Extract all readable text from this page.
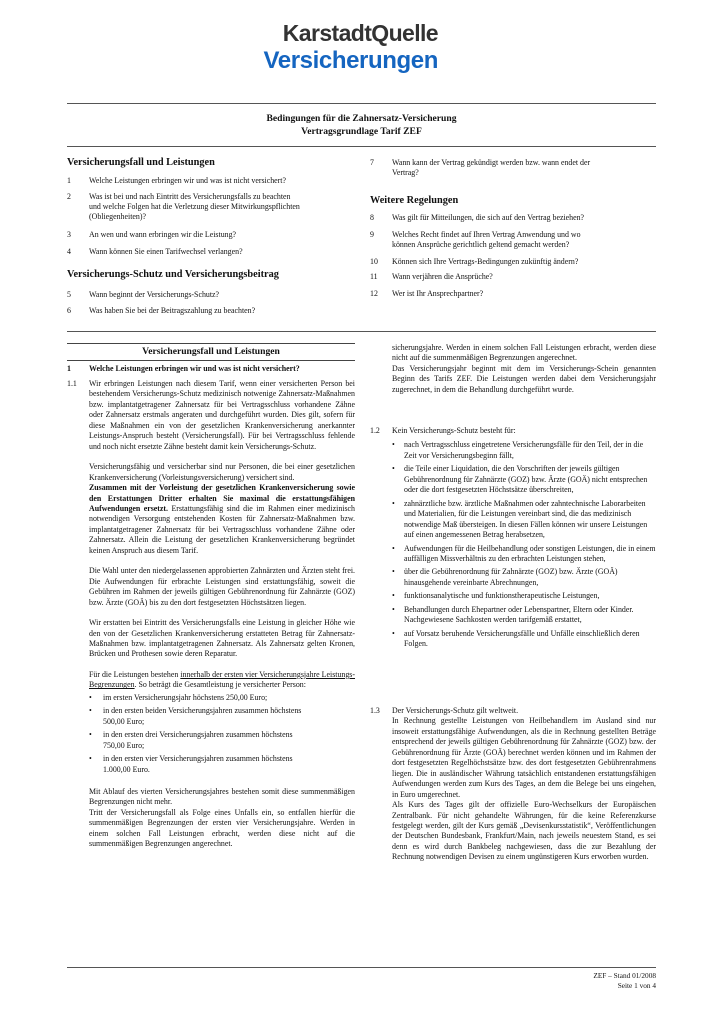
KarstadtQuelle
Versicherungen
Bedingungen für die Zahnersatz-Versicherung
Vertragsgrundlage Tarif ZEF
Versicherungsfall und Leistungen
1 Welche Leistungen erbringen wir und was ist nicht versichert?
2 Was ist bei und nach Eintritt des Versicherungsfalls zu beachten
und welche Folgen hat die Verletzung dieser Mitwirkungspflichten
(Obliegenheiten)?
3 An wen und wann erbringen wir die Leistung?
4 Wann können Sie einen Tarifwechsel verlangen?
Versicherungs-Schutz und Versicherungsbeitrag
5 Wann beginnt der Versicherungs-Schutz?
6 Was haben Sie bei der Beitragszahlung zu beachten?
7 Wann kann der Vertrag gekündigt werden bzw. wann endet der
Vertrag?
Weitere Regelungen
8 Was gilt für Mitteilungen, die sich auf den Vertrag beziehen?
9 Welches Recht findet auf Ihren Vertrag Anwendung und wo
können Ansprüche gerichtlich geltend gemacht werden?
10 Können sich Ihre Vertrags-Bedingungen zukünftig ändern?
11 Wann verjähren die Ansprüche?
12 Wer ist Ihr Ansprechpartner?
Versicherungsfall und Leistungen
1 Welche Leistungen erbringen wir und was ist nicht versichert?
1.1 Wir erbringen Leistungen nach diesem Tarif, wenn einer versicherten Person bei bestehendem Versicherungs-Schutz medizinisch notwenige Zahnersatz-Maßnahmen bzw. implantatgetragener Zahnersatz für bei Vertragsschluss vorhandene Zähne oder Zahnersatz erstmals angeraten und durchgeführt wurden. Dies gilt, sofern für diese Maßnahmen ein von der gesetzlichen Krankenversicherung anerkannter Leistungs-Anspruch besteht (Versicherungsfall). Für bei Vertragsschluss fehlende und noch nicht ersetzte Zähne besteht damit kein Versicherungs-Schutz.

Versicherungsfähig und versicherbar sind nur Personen, die bei einer gesetzlichen Krankenversicherung (Vorleistungsversicherung) versichert sind.

Zusammen mit der Vorleistung der gesetzlichen Krankenversicherung sowie den Erstattungen Dritter erhalten Sie maximal die erstattungsfähigen Aufwendungen ersetzt. Erstattungsfähig sind die im Rahmen einer medizinisch notwendigen Versorgung entstehenden Kosten für Zahnersatz-Maßnahmen bzw. implantatgetragener Zahnersatz für bei Vertragsschluss vorhandene Zähne oder Zahnersatz. Allein die Leistung der gesetzlichen Krankenversicherung begründet keinen Anspruch aus diesem Tarif.

Die Wahl unter den niedergelassenen approbierten Zahnärzten und Ärzten steht frei. Die Aufwendungen für erbrachte Leistungen sind erstattungsfähig, soweit die Gebühren im Rahmen der jeweils gültigen Gebührenordnung für Zahnärzte (GOZ) bzw. Ärzte (GOÄ) bis zu den dort festgesetzten Höchstsätzen liegen.

Wir erstatten bei Eintritt des Versicherungsfalls eine Leistung in gleicher Höhe wie den von der Gesetzlichen Krankenversicherung erstatteten Betrag für Zahnersatz-Maßnahmen bzw. implantatgetragenen Zahnersatz. Als Zahnersatz gelten Kronen, Brücken und Prothesen sowie deren Reparatur.

Für die Leistungen bestehen innerhalb der ersten vier Versicherungsjahre Leistungs-Begrenzungen. So beträgt die Gesamtleistung je versicherter Person:

• im ersten Versicherungsjahr höchstens 250,00 Euro;
• in den ersten beiden Versicherungsjahren zusammen höchstens
500,00 Euro;
• in den ersten drei Versicherungsjahren zusammen höchstens
750,00 Euro;
• in den ersten vier Versicherungsjahren zusammen höchstens
1.000,00 Euro.

Mit Ablauf des vierten Versicherungsjahres bestehen somit diese summenmäßigen Begrenzungen nicht mehr.

Tritt der Versicherungsfall als Folge eines Unfalls ein, so entfallen hierfür die summenmäßigen Begrenzungen der ersten vier Versicherungsjahre. Werden in einem solchen Fall Leistungen erbracht, werden diese nicht auf die summenmäßigen Begrenzungen angerechnet.

sicherungsjahre. Werden in einem solchen Fall Leistungen erbracht, werden diese nicht auf die summenmäßigen Begrenzungen angerechnet.

Das Versicherungsjahr beginnt mit dem im Versicherungs-Schein genannten Beginn des Tarifs ZEF. Die Leistungen werden dabei dem Versicherungsjahr zugerechnet, in dem die Behandlung durchgeführt wurde.

1.2 Kein Versicherungs-Schutz besteht für:

• nach Vertragsschluss eingetretene Versicherungsfälle für den Teil, der in die Zeit vor Versicherungsbeginn fällt,
• die Teile einer Liquidation, die den Vorschriften der jeweils gültigen Gebührenordnung für Zahnärzte (GOZ) bzw. Ärzte (GOÄ) nicht entsprechen oder die dort festgesetzten Höchstsätze überschreiten,
• zahnärztliche bzw. ärztliche Maßnahmen oder zahntechnische Laborarbeiten und Materialien, für die Leistungen vereinbart sind, die das medizinisch notwendige Maß übersteigen. In diesen Fällen können wir unsere Leistungen auf einen angemessenen Betrag herabsetzen,
• Aufwendungen für die Heilbehandlung oder sonstigen Leistungen, die in einem auffälligen Missverhältnis zu den erbrachten Leistungen stehen,
• über die Gebührenordnung für Zahnärzte (GOZ) bzw. Ärzte (GOÄ) hinausgehende vereinbarte Abrechnungen,
• funktionsanalytische und funktionstherapeutische Leistungen,
• Behandlungen durch Ehepartner oder Lebenspartner, Eltern oder Kinder. Nachgewiesene Sachkosten werden tarifgemäß erstattet,
• auf Vorsatz beruhende Versicherungsfälle und Unfälle einschließlich deren Folgen.
1.3 Der Versicherungs-Schutz gilt weltweit.

In Rechnung gestellte Leistungen von Heilbehandlern im Ausland sind nur insoweit erstattungsfähige Aufwendungen, als die in Rechnung gestellten Beträge entsprechend der jeweils gültigen Gebührenordnung für Zahnärzte (GOZ) bzw. der Gebührenordnung für Ärzte (GOÄ) berechnet werden können und im Rahmen der dort festgesetzten Regelhöchstsätze bzw. des dort festgesetzten Gebührenrahmens liegen. Die in ausländischer Währung tatsächlich entstandenen erstattungsfähigen Aufwendungen werden zum Kurs des Tages, an dem die Belege bei uns eingehen, in Euro umgerechnet.

Als Kurs des Tages gilt der offizielle Euro-Wechselkurs der Europäischen Zentralbank. Für nicht gehandelte Währungen, für die keine Referenzkurse festgelegt werden, gilt der Kurs gemäß „Devisenkursstatistik“, Veröffentlichungen der Deutschen Bundesbank, Frankfurt/Main, nach jeweils neuestem Stand, es sei denn es wird durch Bankbeleg nachgewiesen, dass die zur Bezahlung der Rechnung notwendigen Devisen zu einem ungünstigeren Kurs erworben wurden.

ZEF – Stand 01/2008
Seite 1 von 4
